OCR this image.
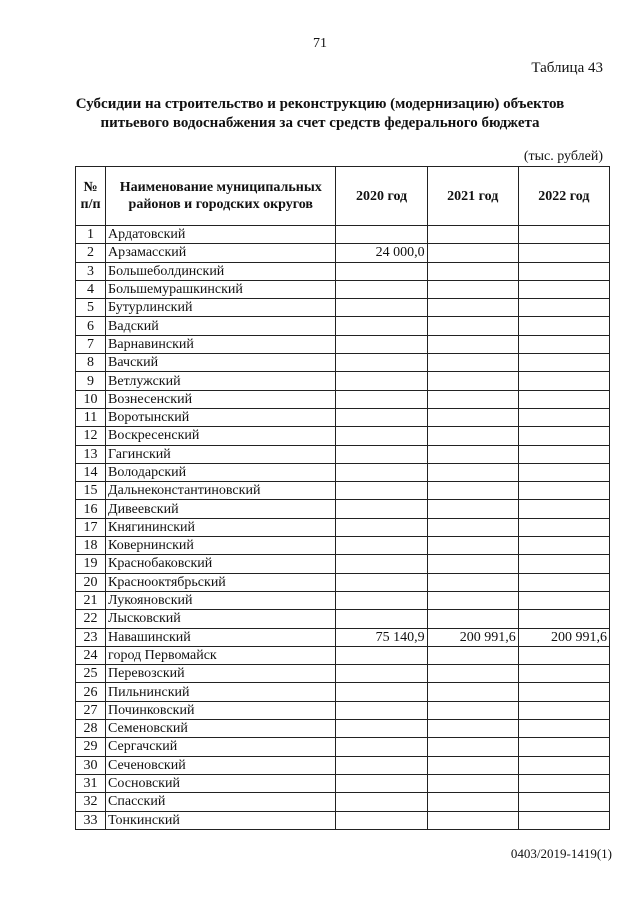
71
Таблица 43
Субсидии на строительство и реконструкцию (модернизацию) объектов
питьевого водоснабжения за счет средств федерального бюджета
(тыс. рублей)
№ п/п	Наименование муниципальных районов и городских округов	2020 год	2021 год	2022 год
1	Ардатовский			
2	Арзамасский	24 000,0		
3	Большеболдинский			
4	Большемурашкинский			
5	Бутурлинский			
6	Вадский			
7	Варнавинский			
8	Вачский			
9	Ветлужский			
10	Вознесенский			
11	Воротынский			
12	Воскресенский			
13	Гагинский			
14	Володарский			
15	Дальнеконстантиновский			
16	Дивеевский			
17	Княгининский			
18	Ковернинский			
19	Краснобаковский			
20	Краснооктябрьский			
21	Лукояновский			
22	Лысковский			
23	Навашинский	75 140,9	200 991,6	200 991,6
24	город Первомайск			
25	Перевозский			
26	Пильнинский			
27	Починковский			
28	Семеновский			
29	Сергачский			
30	Сеченовский			
31	Сосновский			
32	Спасский			
33	Тонкинский			
0403/2019-1419(1)
